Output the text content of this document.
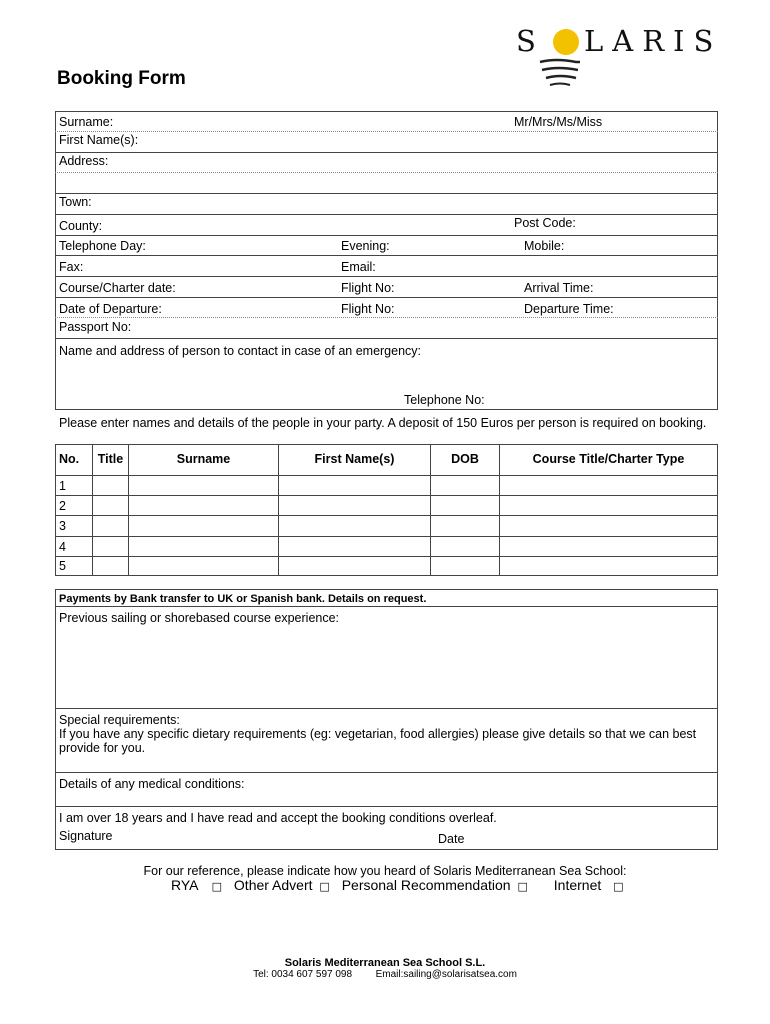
S LARIS
Booking Form
Surname:	Mr/Mrs/Ms/Miss
First Name(s):
Address:
Town:
County:	Post Code:
Telephone Day:	Evening:	Mobile:
Fax:	Email:
Course/Charter date:	Flight No:	Arrival Time:
Date of Departure:	Flight No:	Departure Time:
Passport No:
Name and address of person to contact in case of an emergency:
Telephone No:
Please enter names and details of the people in your party. A deposit of 150 Euros per person is required on booking.
No.	Title	Surname	First Name(s)	DOB	Course Title/Charter Type
1
2
3
4
5
Payments by Bank transfer to UK or Spanish bank. Details on request.
Previous sailing or shorebased course experience:
Special requirements:
If you have any specific dietary requirements (eg: vegetarian, food allergies) please give details so that we can best provide for you.
Details of any medical conditions:
I am over 18 years and I have read and accept the booking conditions overleaf.
Signature	Date
For our reference, please indicate how you heard of Solaris Mediterranean Sea School:
RYA □ Other Advert □ Personal Recommendation □ Internet □
Solaris Mediterranean Sea School S.L.
Tel: 0034 607 597 098 Email:sailing@solarisatsea.com
